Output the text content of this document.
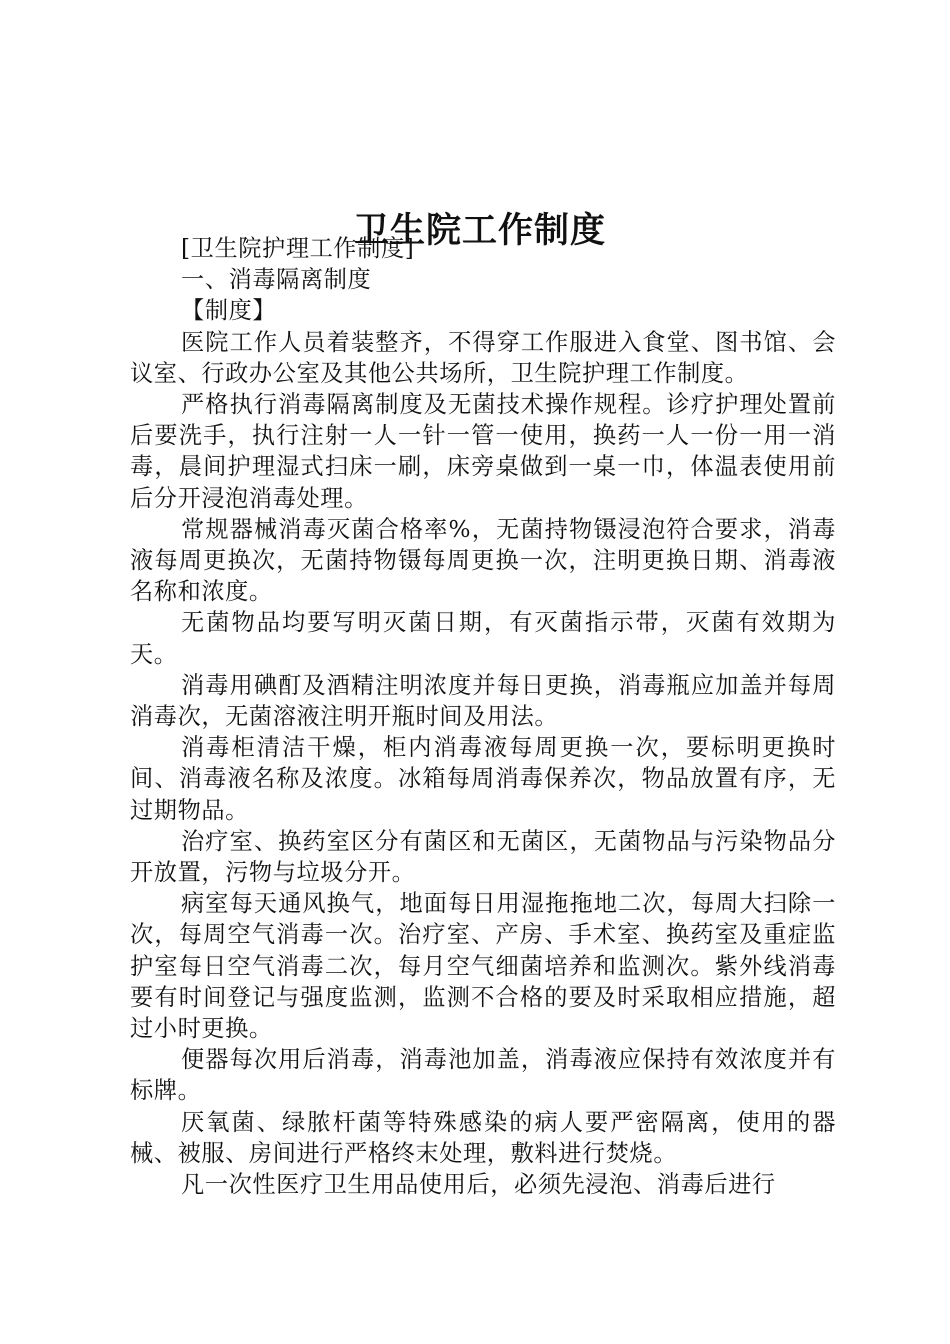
卫生院工作制度

[卫生院护理工作制度]

一、消毒隔离制度

【制度】

医院工作人员着装整齐，不得穿工作服进入食堂、图书馆、会议室、行政办公室及其他公共场所，卫生院护理工作制度。

严格执行消毒隔离制度及无菌技术操作规程。诊疗护理处置前后要洗手，执行注射一人一针一管一使用，换药一人一份一用一消毒，晨间护理湿式扫床一刷，床旁桌做到一桌一巾，体温表使用前后分开浸泡消毒处理。

常规器械消毒灭菌合格率%，无菌持物镊浸泡符合要求，消毒液每周更换次，无菌持物镊每周更换一次，注明更换日期、消毒液名称和浓度。

无菌物品均要写明灭菌日期，有灭菌指示带，灭菌有效期为天。

消毒用碘酊及酒精注明浓度并每日更换，消毒瓶应加盖并每周消毒次，无菌溶液注明开瓶时间及用法。

消毒柜清洁干燥，柜内消毒液每周更换一次，要标明更换时间、消毒液名称及浓度。冰箱每周消毒保养次，物品放置有序，无过期物品。

治疗室、换药室区分有菌区和无菌区，无菌物品与污染物品分开放置，污物与垃圾分开。

病室每天通风换气，地面每日用湿拖拖地二次，每周大扫除一次，每周空气消毒一次。治疗室、产房、手术室、换药室及重症监护室每日空气消毒二次，每月空气细菌培养和监测次。紫外线消毒要有时间登记与强度监测，监测不合格的要及时采取相应措施，超过小时更换。

便器每次用后消毒，消毒池加盖，消毒液应保持有效浓度并有标牌。

厌氧菌、绿脓杆菌等特殊感染的病人要严密隔离，使用的器械、被服、房间进行严格终末处理，敷料进行焚烧。

凡一次性医疗卫生用品使用后，必须先浸泡、消毒后进行
